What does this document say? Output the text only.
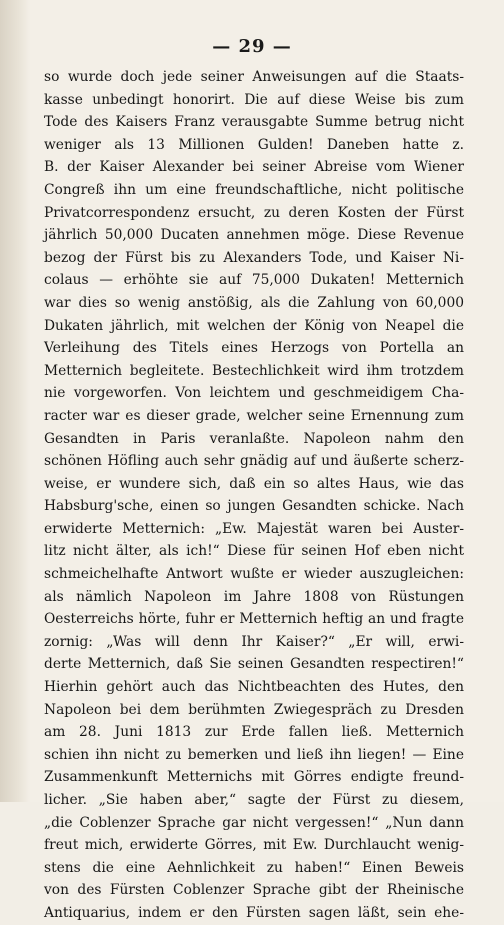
— 29 —
so wurde doch jede seiner Anweisungen auf die Staats-
kasse unbedingt honorirt. Die auf diese Weise bis zum
Tode des Kaisers Franz verausgabte Summe betrug nicht
weniger als 13 Millionen Gulden! Daneben hatte z.
B. der Kaiser Alexander bei seiner Abreise vom Wiener
Congreß ihn um eine freundschaftliche, nicht politische
Privatcorrespondenz ersucht, zu deren Kosten der Fürst
jährlich 50,000 Ducaten annehmen möge. Diese Revenue
bezog der Fürst bis zu Alexanders Tode, und Kaiser Ni-
colaus — erhöhte sie auf 75,000 Dukaten! Metternich
war dies so wenig anstößig, als die Zahlung von 60,000
Dukaten jährlich, mit welchen der König von Neapel die
Verleihung des Titels eines Herzogs von Portella an
Metternich begleitete. Bestechlichkeit wird ihm trotzdem
nie vorgeworfen. Von leichtem und geschmeidigem Cha-
racter war es dieser grade, welcher seine Ernennung zum
Gesandten in Paris veranlaßte. Napoleon nahm den
schönen Höfling auch sehr gnädig auf und äußerte scherz-
weise, er wundere sich, daß ein so altes Haus, wie das
Habsburg'sche, einen so jungen Gesandten schicke. Nach
erwiderte Metternich: „Ew. Majestät waren bei Auster-
litz nicht älter, als ich!“ Diese für seinen Hof eben nicht
schmeichelhafte Antwort wußte er wieder auszugleichen:
als nämlich Napoleon im Jahre 1808 von Rüstungen
Oesterreichs hörte, fuhr er Metternich heftig an und fragte
zornig: „Was will denn Ihr Kaiser?“ „Er will, erwi-
derte Metternich, daß Sie seinen Gesandten respectiren!“
Hierhin gehört auch das Nichtbeachten des Hutes, den
Napoleon bei dem berühmten Zwiegespräch zu Dresden
am 28. Juni 1813 zur Erde fallen ließ. Metternich
schien ihn nicht zu bemerken und ließ ihn liegen! — Eine
Zusammenkunft Metternichs mit Görres endigte freund-
licher. „Sie haben aber,“ sagte der Fürst zu diesem,
„die Coblenzer Sprache gar nicht vergessen!“ „Nun dann
freut mich, erwiderte Görres, mit Ew. Durchlaucht wenig-
stens die eine Aehnlichkeit zu haben!“ Einen Beweis
von des Fürsten Coblenzer Sprache gibt der Rheinische
Antiquarius, indem er den Fürsten sagen läßt, sein ehe-
